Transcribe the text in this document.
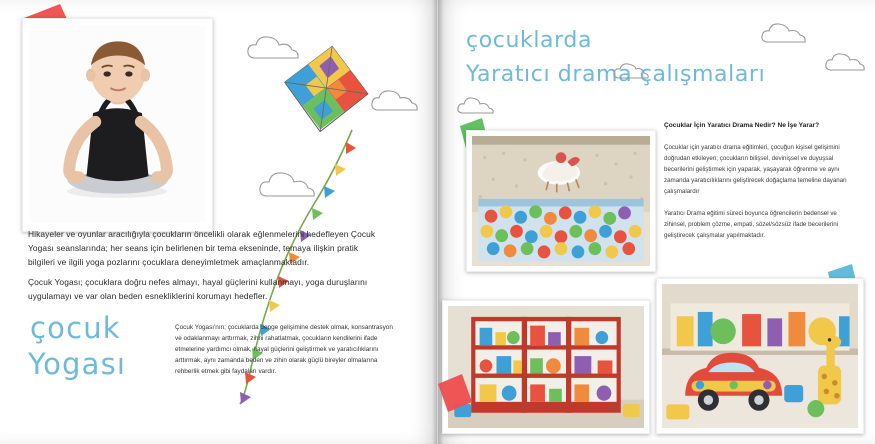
Hikayeler ve oyunlar aracılığıyla çocukların öncelikli olarak eğlenmelerini hedefleyen Çocuk Yogası seanslarında; her seans için belirlenen bir tema ekseninde, temaya ilişkin pratik bilgileri ve ilgili yoga pozlarını çocuklara deneyimletmek amaçlanmaktadır.
Çocuk Yogası; çocuklara doğru nefes almayı, hayal güçlerini kullanmayı, yoga duruşlarını uygulamayı ve var olan beden esnekliklerini korumayı hedefler.
çocuk
Yogası
Çocuk Yogası'nın; çocuklarda denge gelişimine destek olmak, konsantrasyon ve odaklanmayı arttırmak, zihni rahatlatmak, çocukların kendilerini ifade etmelerine yardımcı olmak, hayal güçlerini geliştirmek ve yaratıcılıklarını arttırmak, aynı zamanda beden ve zihin olarak güçlü bireyler olmalarına rehberlik etmek gibi faydaları vardır.
çocuklarda
Yaratıcı drama çalışmaları
Çocuklar İçin Yaratıcı Drama Nedir? Ne İşe Yarar?
Çocuklar için yaratıcı drama eğitimleri, çocuğun kişisel gelişimini doğrudan etkileyen; çocukların bilişsel, devinişsel ve duyuşsal becerilerini geliştirmek için yaparak, yaşayarak öğrenme ve aynı zamanda yaratıcılıklarını geliştirecek doğaçlama temeline dayanan çalışmalardır
Yaratıcı Drama eğitimi süreci boyunca öğrencilerin bedensel ve zihinsel, problem çözme, empati, sözel/sözsüz ifade becerilerini geliştirecek çalışmalar yapılmaktadır.
